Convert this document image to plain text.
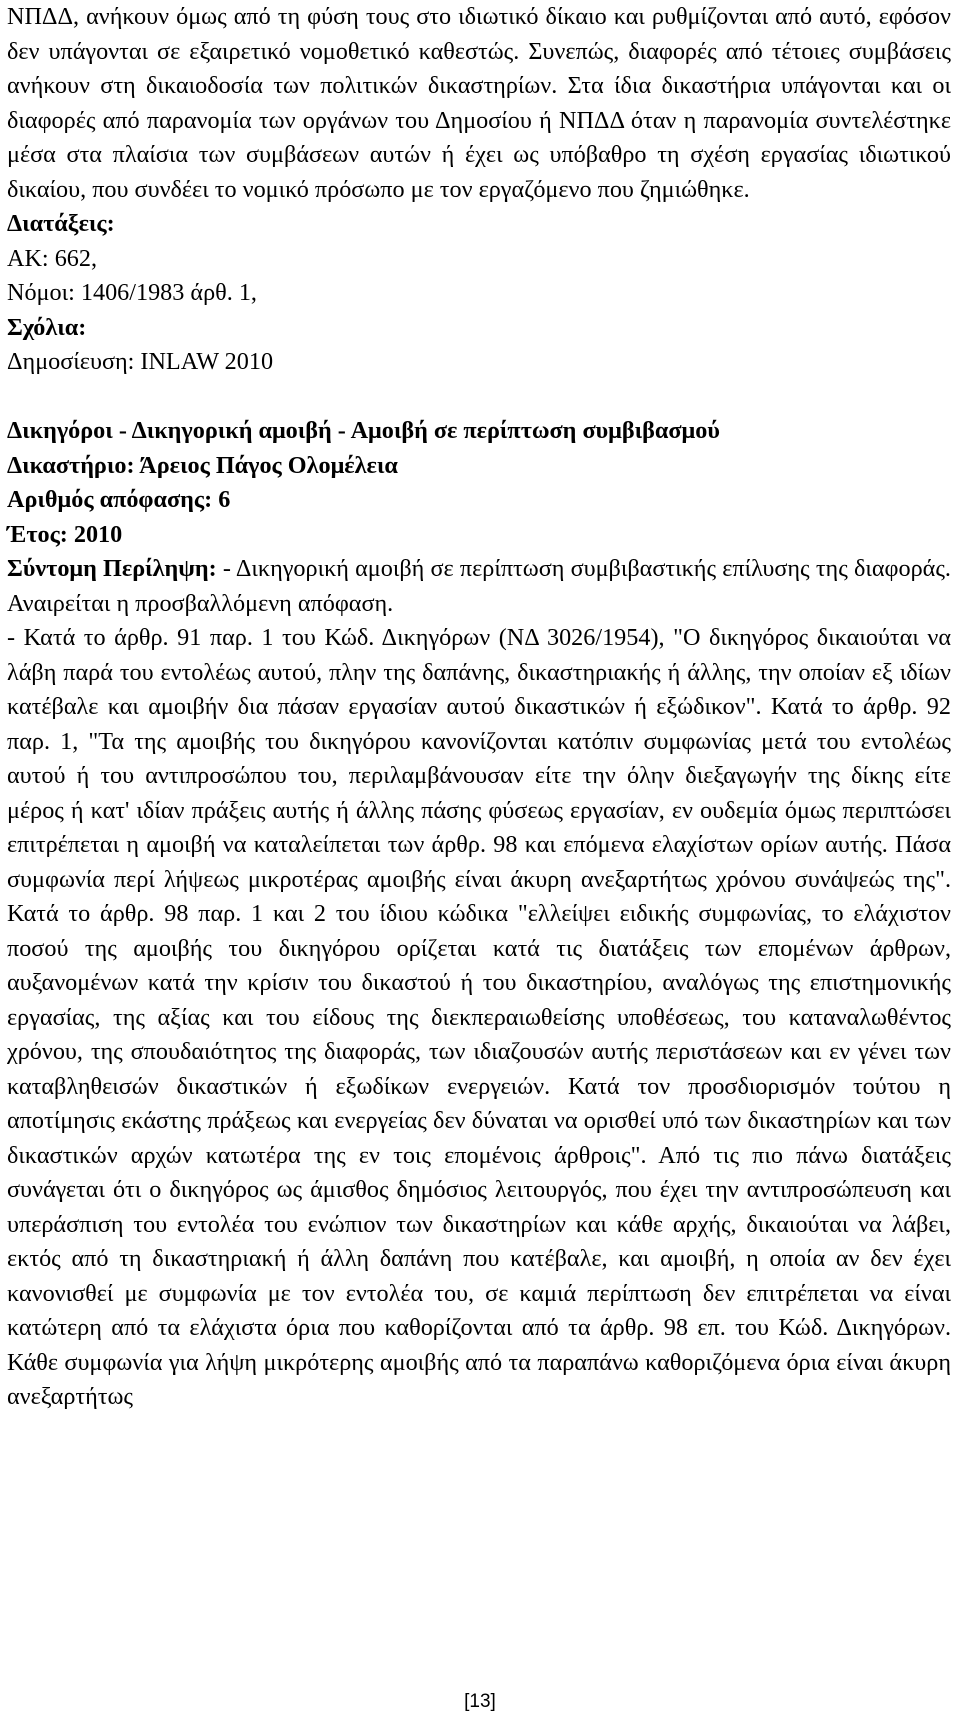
ΝΠΔΔ, ανήκουν όμως από τη φύση τους στο ιδιωτικό δίκαιο και ρυθμίζονται από αυτό, εφόσον δεν υπάγονται σε εξαιρετικό νομοθετικό καθεστώς. Συνεπώς, διαφορές από τέτοιες συμβάσεις ανήκουν στη δικαιοδοσία των πολιτικών δικαστηρίων. Στα ίδια δικαστήρια υπάγονται και οι διαφορές από παρανομία των οργάνων του Δημοσίου ή ΝΠΔΔ όταν η παρανομία συντελέστηκε μέσα στα πλαίσια των συμβάσεων αυτών ή έχει ως υπόβαθρο τη σχέση εργασίας ιδιωτικού δικαίου, που συνδέει το νομικό πρόσωπο με τον εργαζόμενο που ζημιώθηκε.

Διατάξεις:

ΑΚ: 662,

Νόμοι: 1406/1983 άρθ. 1,

Σχόλια:

Δημοσίευση: INLAW 2010

Δικηγόροι - Δικηγορική αμοιβή - Αμοιβή σε περίπτωση συμβιβασμού

Δικαστήριο: Άρειος Πάγος Ολομέλεια

Αριθμός απόφασης: 6

Έτος: 2010

Σύντομη Περίληψη: - Δικηγορική αμοιβή σε περίπτωση συμβιβαστικής επίλυσης της διαφοράς. Αναιρείται η προσβαλλόμενη απόφαση.

- Κατά το άρθρ. 91 παρ. 1 του Κώδ. Δικηγόρων (ΝΔ 3026/1954), "Ο δικηγόρος δικαιούται να λάβη παρά του εντολέως αυτού, πλην της δαπάνης, δικαστηριακής ή άλλης, την οποίαν εξ ιδίων κατέβαλε και αμοιβήν δια πάσαν εργασίαν αυτού δικαστικών ή εξώδικον". Κατά το άρθρ. 92 παρ. 1, "Τα της αμοιβής του δικηγόρου κανονίζονται κατόπιν συμφωνίας μετά του εντολέως αυτού ή του αντιπροσώπου του, περιλαμβάνουσαν είτε την όλην διεξαγωγήν της δίκης είτε μέρος ή κατ' ιδίαν πράξεις αυτής ή άλλης πάσης φύσεως εργασίαν, εν ουδεμία όμως περιπτώσει επιτρέπεται η αμοιβή να καταλείπεται των άρθρ. 98 και επόμενα ελαχίστων ορίων αυτής. Πάσα συμφωνία περί λήψεως μικροτέρας αμοιβής είναι άκυρη ανεξαρτήτως χρόνου συνάψεώς της". Κατά το άρθρ. 98 παρ. 1 και 2 του ίδιου κώδικα "ελλείψει ειδικής συμφωνίας, το ελάχιστον ποσού της αμοιβής του δικηγόρου ορίζεται κατά τις διατάξεις των επομένων άρθρων, αυξανομένων κατά την κρίσιν του δικαστού ή του δικαστηρίου, αναλόγως της επιστημονικής εργασίας, της αξίας και του είδους της διεκπεραιωθείσης υποθέσεως, του καταναλωθέντος χρόνου, της σπουδαιότητος της διαφοράς, των ιδιαζουσών αυτής περιστάσεων και εν γένει των καταβληθεισών δικαστικών ή εξωδίκων ενεργειών. Κατά τον προσδιορισμόν τούτου η αποτίμησις εκάστης πράξεως και ενεργείας δεν δύναται να ορισθεί υπό των δικαστηρίων και των δικαστικών αρχών κατωτέρα της εν τοις επομένοις άρθροις". Από τις πιο πάνω διατάξεις συνάγεται ότι ο δικηγόρος ως άμισθος δημόσιος λειτουργός, που έχει την αντιπροσώπευση και υπεράσπιση του εντολέα του ενώπιον των δικαστηρίων και κάθε αρχής, δικαιούται να λάβει, εκτός από τη δικαστηριακή ή άλλη δαπάνη που κατέβαλε, και αμοιβή, η οποία αν δεν έχει κανονισθεί με συμφωνία με τον εντολέα του, σε καμιά περίπτωση δεν επιτρέπεται να είναι κατώτερη από τα ελάχιστα όρια που καθορίζονται από τα άρθρ. 98 επ. του Κώδ. Δικηγόρων. Κάθε συμφωνία για λήψη μικρότερης αμοιβής από τα παραπάνω καθοριζόμενα όρια είναι άκυρη ανεξαρτήτως

[13]
